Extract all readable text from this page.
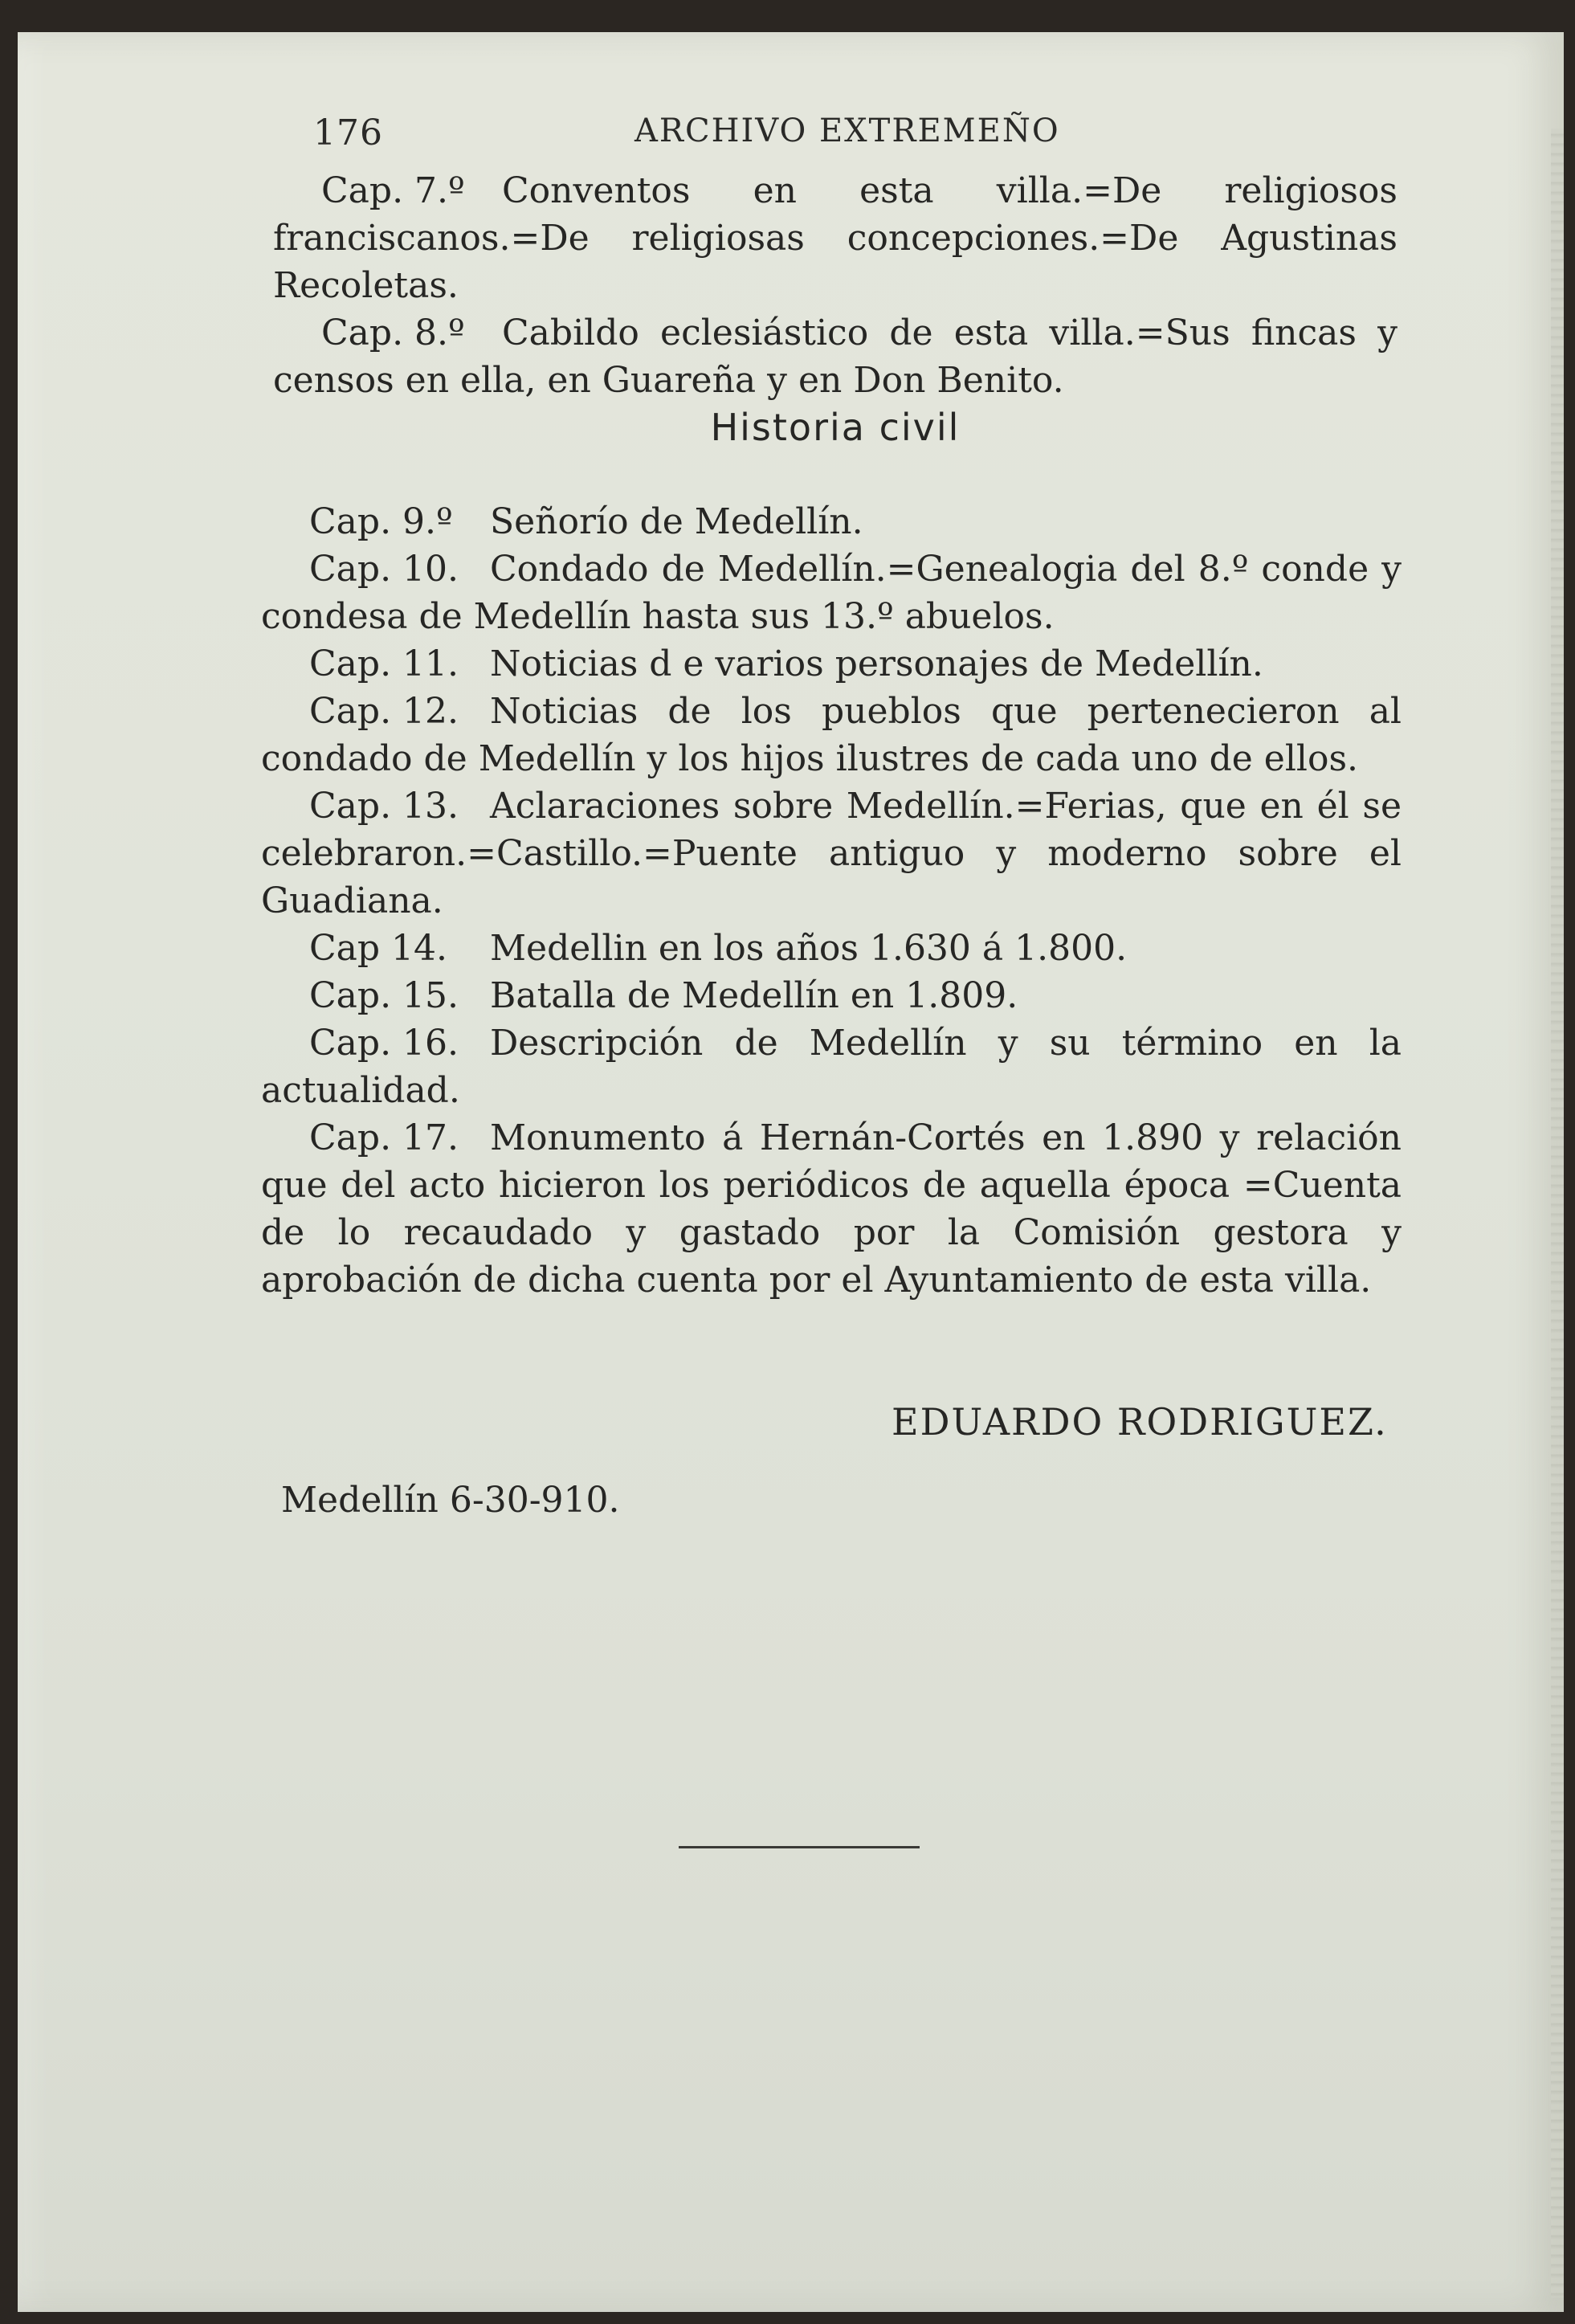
176	ARCHIVO EXTREMEÑO

Cap. 7.º Conventos en esta villa.=De religiosos franciscanos.=De religiosas concepciones.=De Agustinas Recoletas.

Cap. 8.º Cabildo eclesiástico de esta villa.=Sus fincas y censos en ella, en Guareña y en Don Benito.

Historia civil

Cap. 9.º Señorío de Medellín.

Cap. 10. Condado de Medellín.=Genealogia del 8.º conde y condesa de Medellín hasta sus 13.º abuelos.

Cap. 11. Noticias d e varios personajes de Medellín.

Cap. 12. Noticias de los pueblos que pertenecieron al condado de Medellín y los hijos ilustres de cada uno de ellos.

Cap. 13. Aclaraciones sobre Medellín.=Ferias, que en él se celebraron.=Castillo.=Puente antiguo y moderno sobre el Guadiana.

Cap 14. Medellin en los años 1.630 á 1.800.

Cap. 15. Batalla de Medellín en 1.809.

Cap. 16. Descripción de Medellín y su término en la actualidad.

Cap. 17. Monumento á Hernán-Cortés en 1.890 y relación que del acto hicieron los periódicos de aquella época =Cuenta de lo recaudado y gastado por la Comisión gestora y aprobación de dicha cuenta por el Ayuntamiento de esta villa.

EDUARDO RODRIGUEZ.
Medellín 6-30-910.
